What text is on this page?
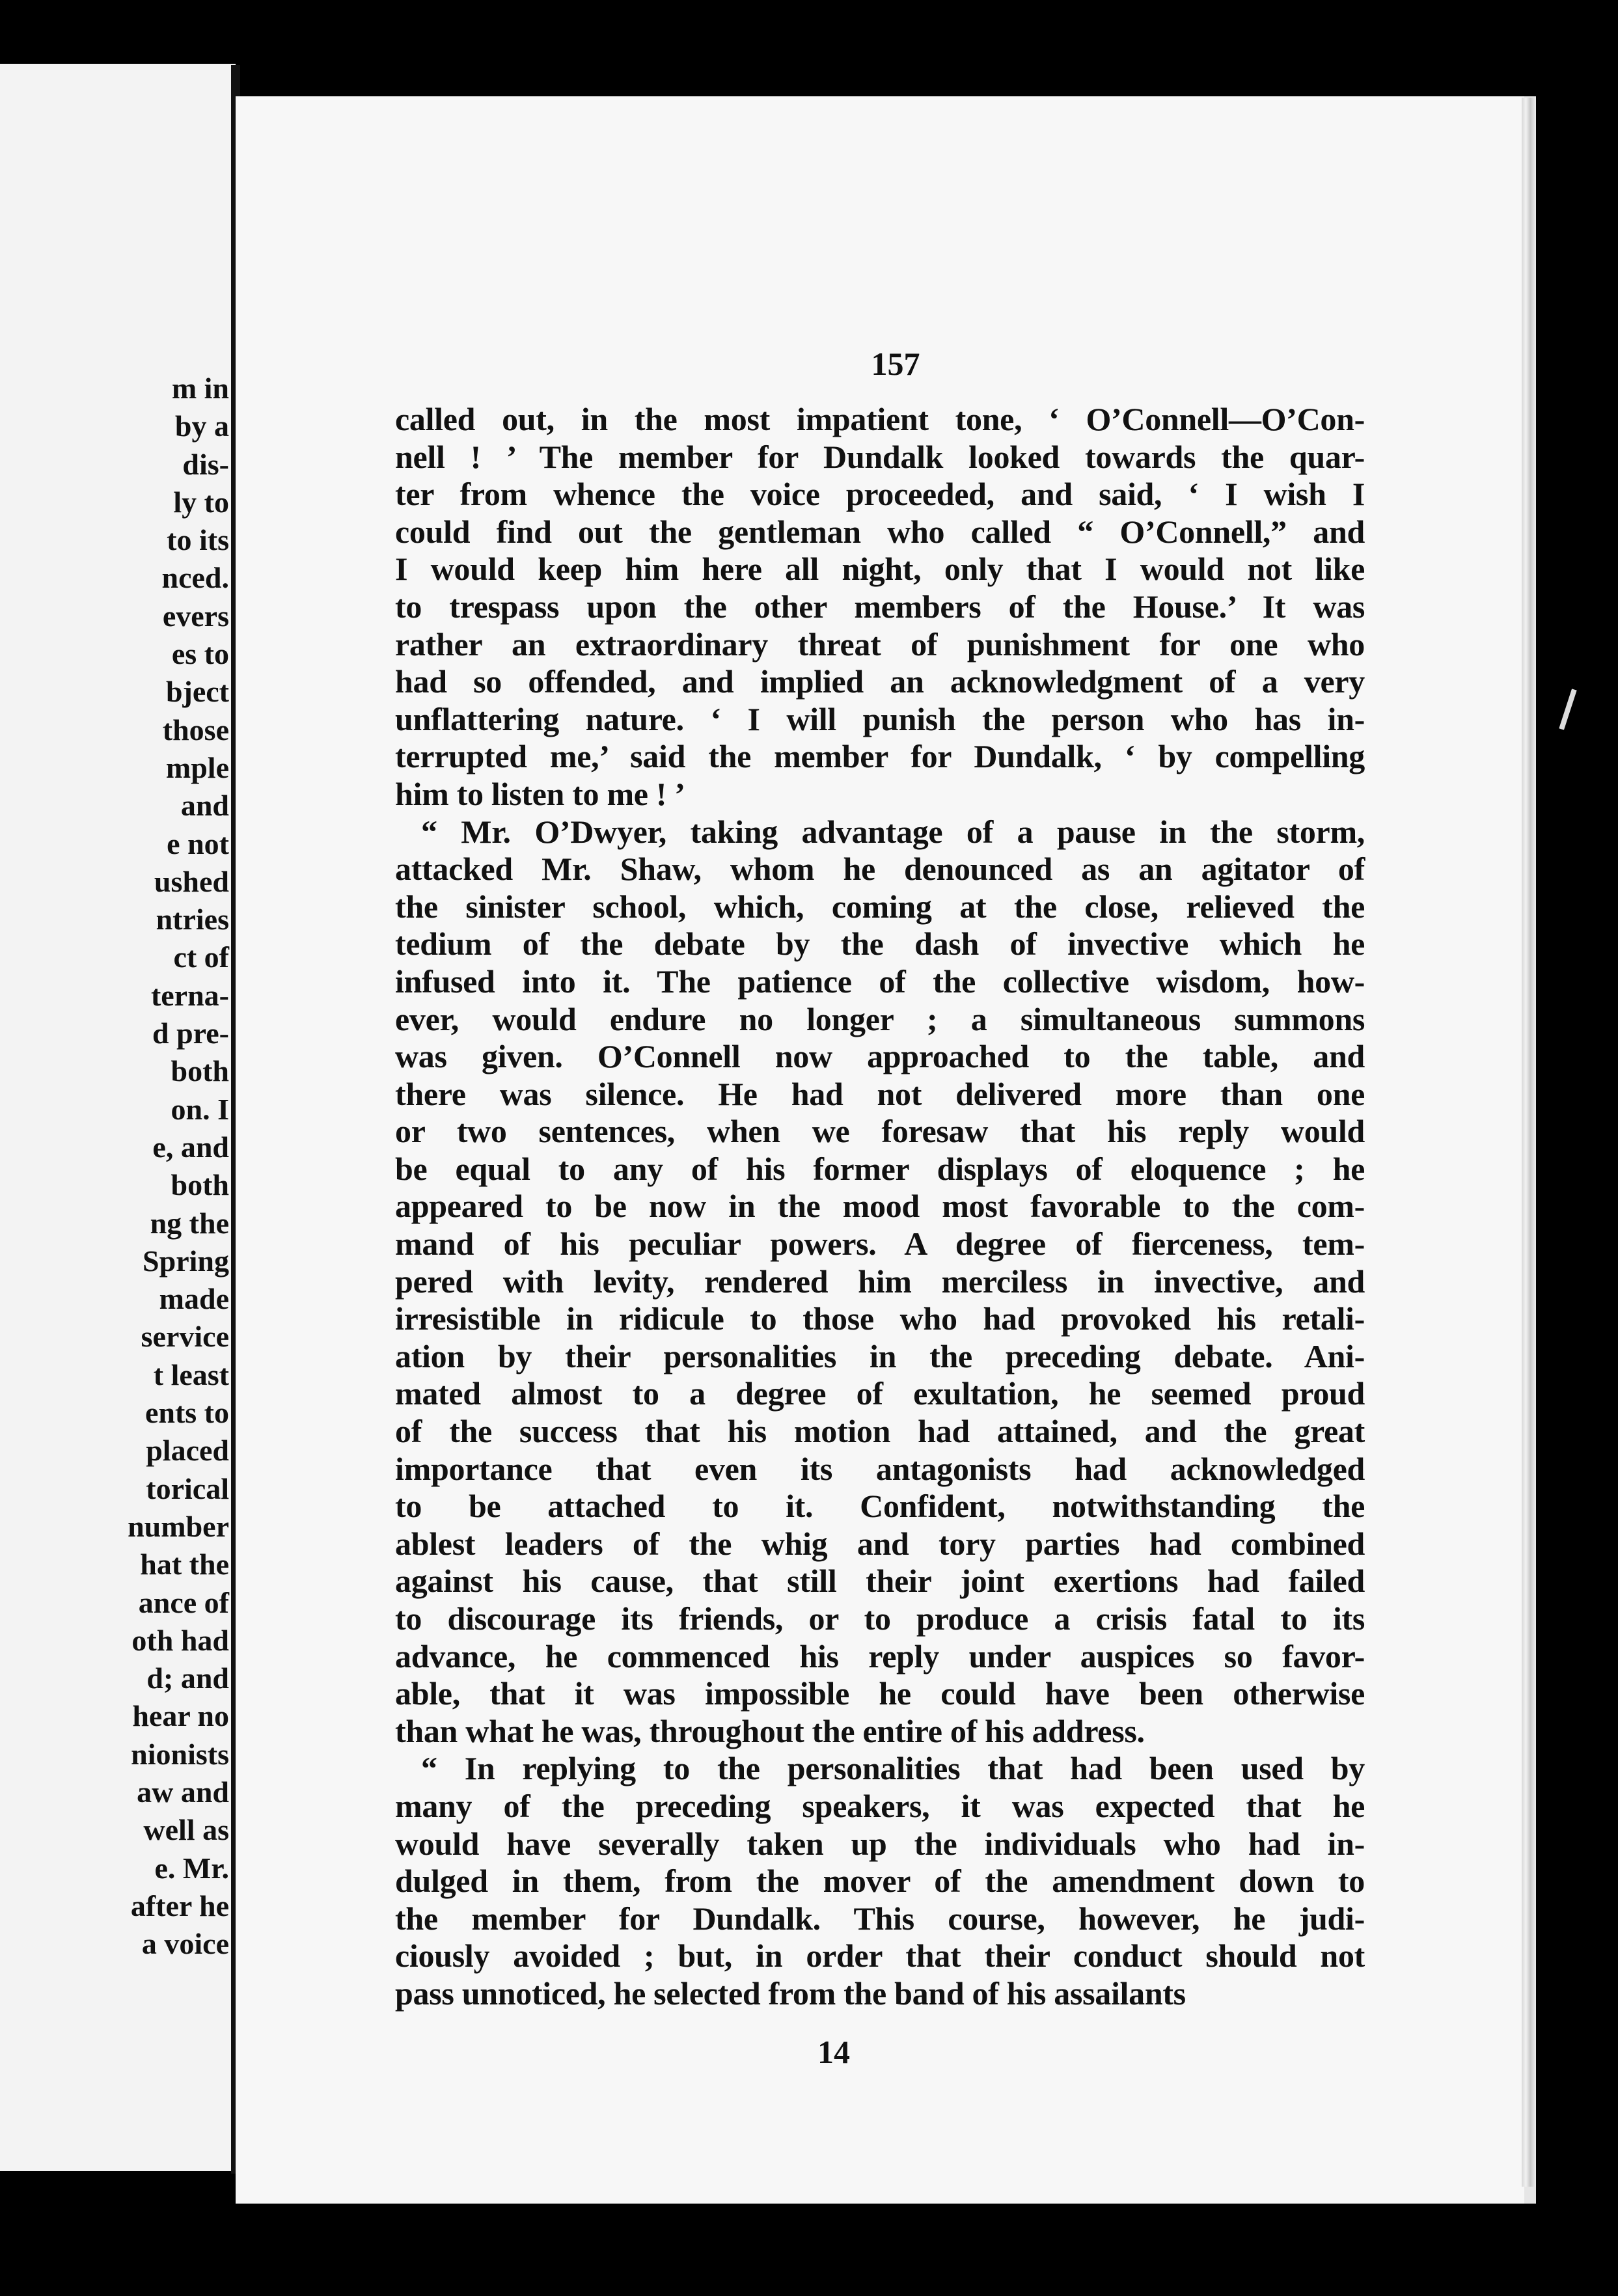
m in
by a
dis-
ly to
to its
nced.
evers
es to
bject
those
mple
and
e not
ushed
ntries
ct of
terna-
d pre-
both
on. I
e, and
both
ng the
Spring
made
service
t least
ents to
placed
torical
number
hat the
ance of
oth had
d; and
hear no
nionists
aw and
well as
e. Mr.
after he
a voice
157
called out, in the most impatient tone, ‘ O’Connell—O’Con-
nell ! ’ The member for Dundalk looked towards the quar-
ter from whence the voice proceeded, and said, ‘ I wish I
could find out the gentleman who called “ O’Connell,” and
I would keep him here all night, only that I would not like
to trespass upon the other members of the House.’ It was
rather an extraordinary threat of punishment for one who
had so offended, and implied an acknowledgment of a very
unflattering nature. ‘ I will punish the person who has in-
terrupted me,’ said the member for Dundalk, ‘ by compelling
him to listen to me ! ’
“ Mr. O’Dwyer, taking advantage of a pause in the storm,
attacked Mr. Shaw, whom he denounced as an agitator of
the sinister school, which, coming at the close, relieved the
tedium of the debate by the dash of invective which he
infused into it. The patience of the collective wisdom, how-
ever, would endure no longer ; a simultaneous summons
was given. O’Connell now approached to the table, and
there was silence. He had not delivered more than one
or two sentences, when we foresaw that his reply would
be equal to any of his former displays of eloquence ; he
appeared to be now in the mood most favorable to the com-
mand of his peculiar powers. A degree of fierceness, tem-
pered with levity, rendered him merciless in invective, and
irresistible in ridicule to those who had provoked his retali-
ation by their personalities in the preceding debate. Ani-
mated almost to a degree of exultation, he seemed proud
of the success that his motion had attained, and the great
importance that even its antagonists had acknowledged
to be attached to it. Confident, notwithstanding the
ablest leaders of the whig and tory parties had combined
against his cause, that still their joint exertions had failed
to discourage its friends, or to produce a crisis fatal to its
advance, he commenced his reply under auspices so favor-
able, that it was impossible he could have been otherwise
than what he was, throughout the entire of his address.
“ In replying to the personalities that had been used by
many of the preceding speakers, it was expected that he
would have severally taken up the individuals who had in-
dulged in them, from the mover of the amendment down to
the member for Dundalk. This course, however, he judi-
ciously avoided ; but, in order that their conduct should not
pass unnoticed, he selected from the band of his assailants
14
